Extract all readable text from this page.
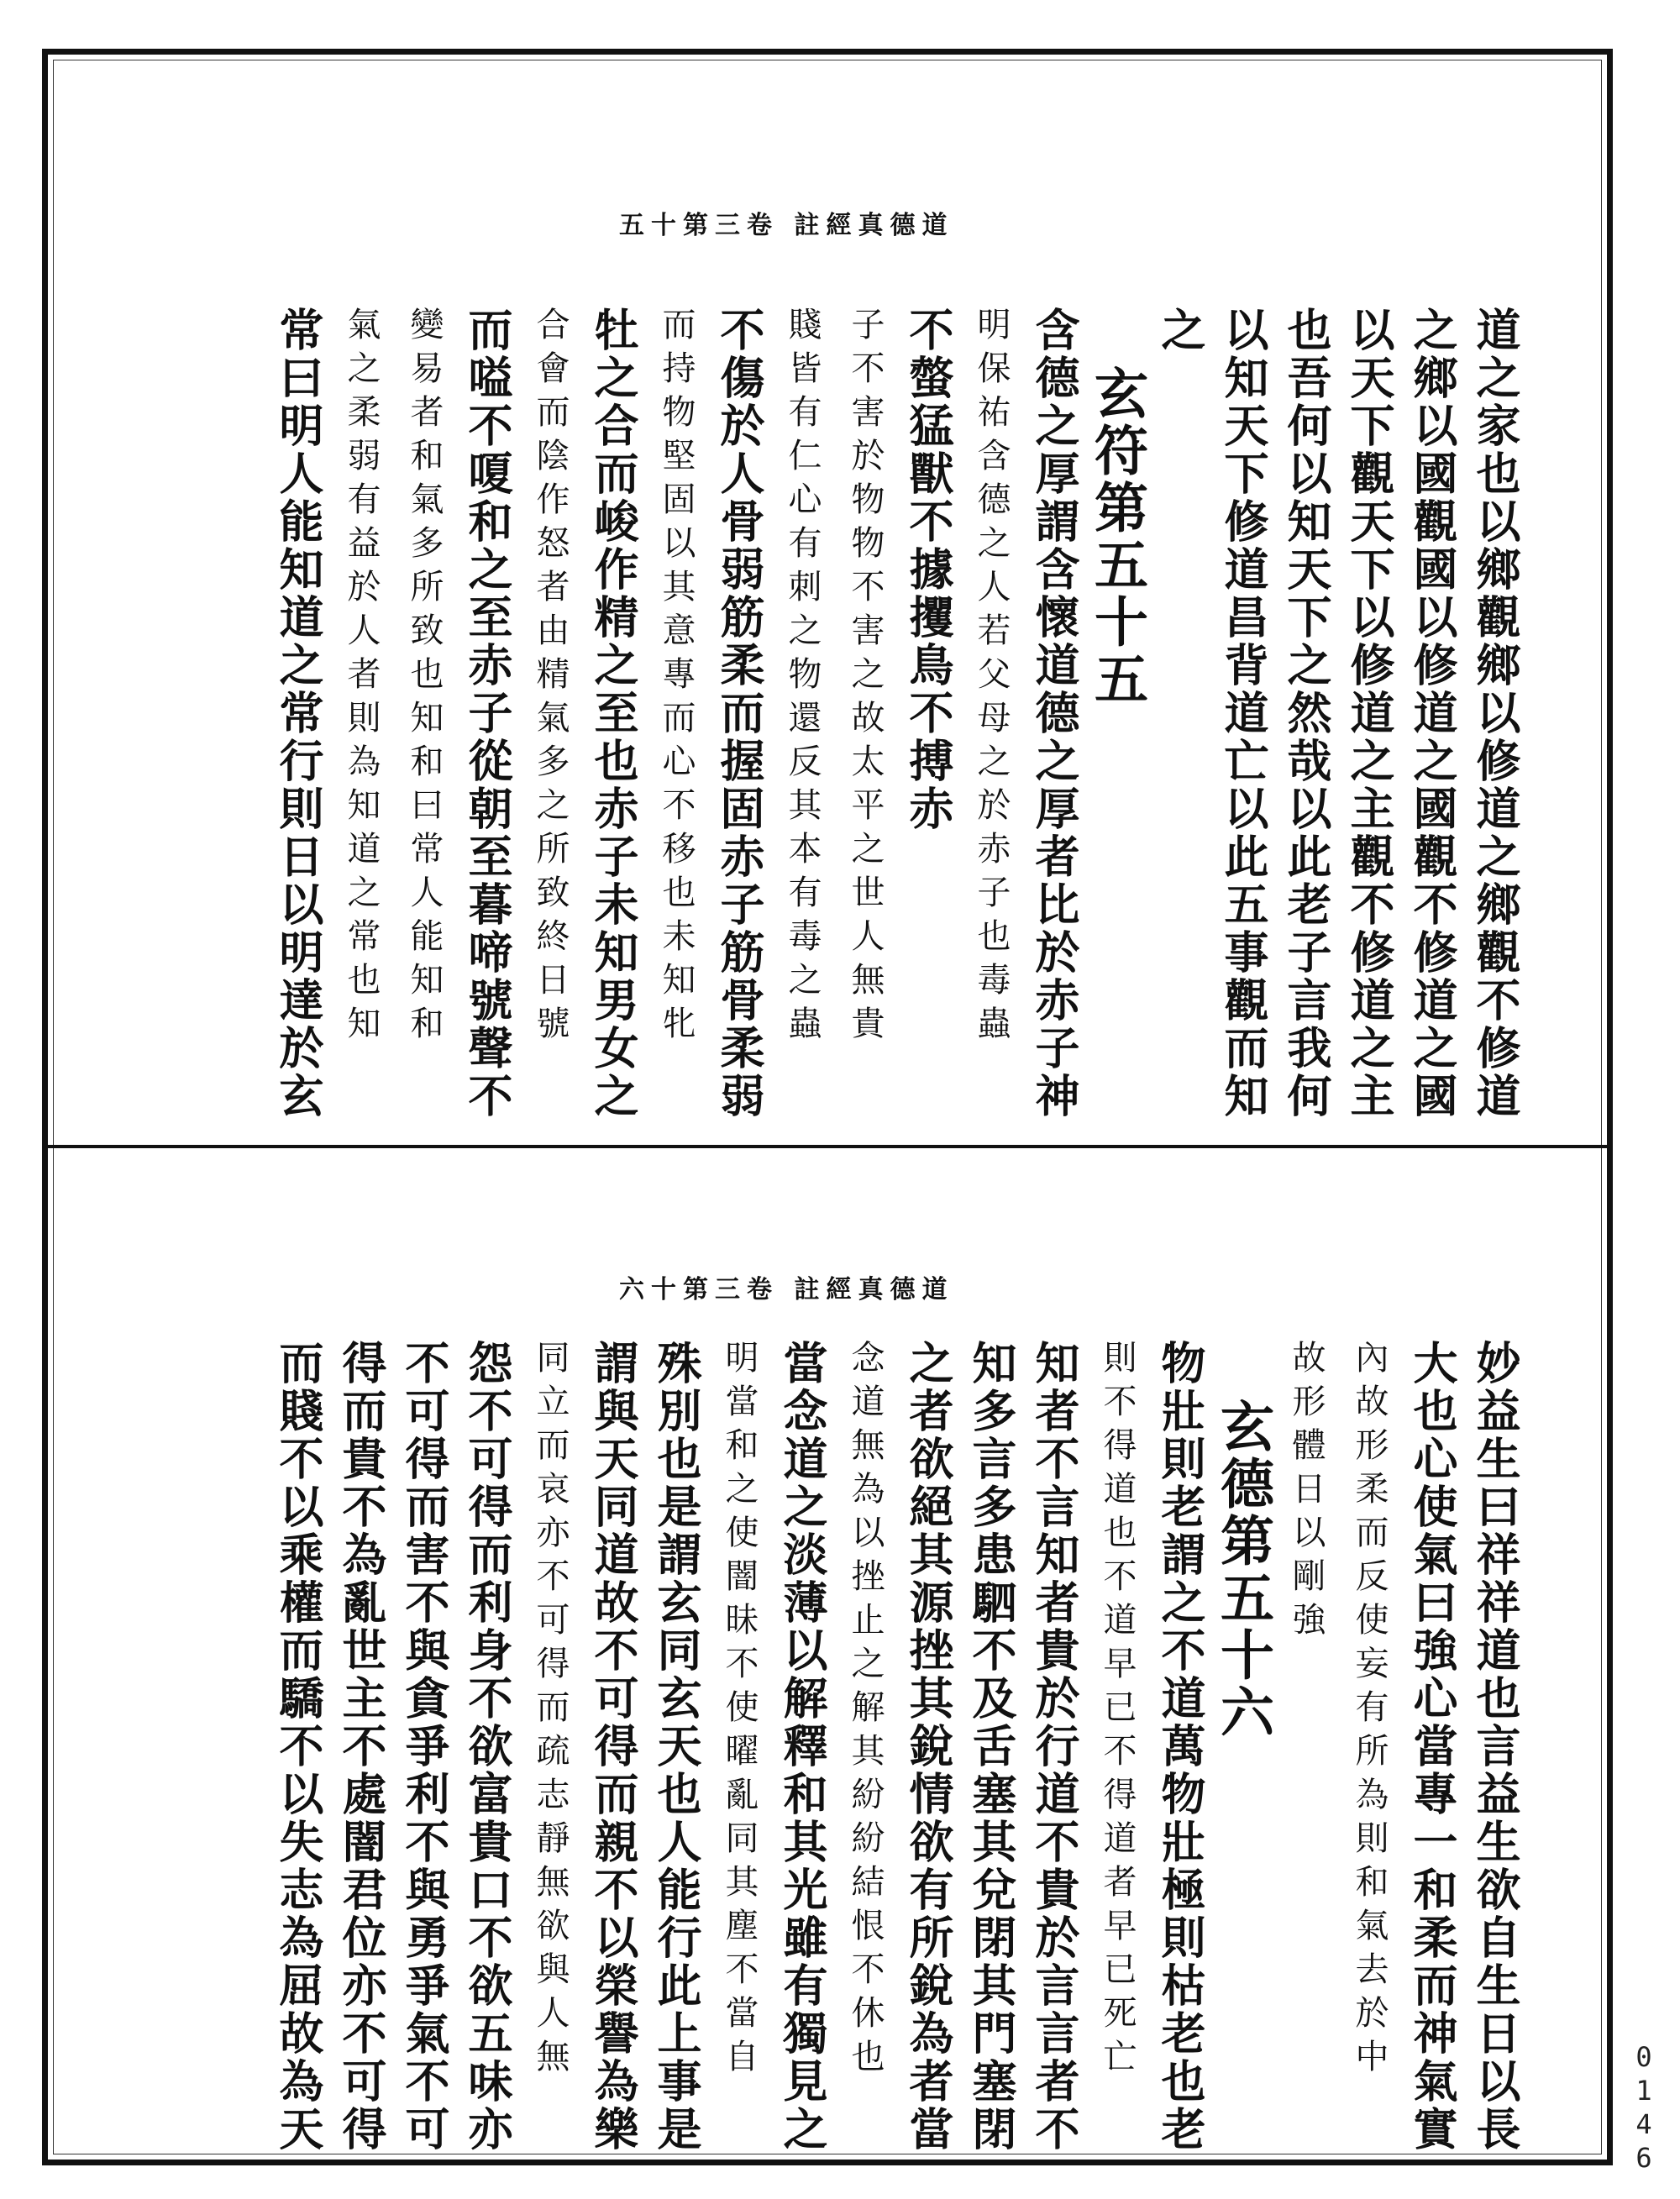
道德真經註 卷三第十五
道之家也以鄉觀鄉以修道之鄉觀不修道
之鄉以國觀國以修道之國觀不修道之國
以天下觀天下以修道之主觀不修道之主
也吾何以知天下之然哉以此老子言我何
以知天下修道昌背道亡以此五事觀而知
之
玄符第五十五
含德之厚謂含懷道德之厚者比於赤子神
明保祐含德之人若父母之於赤子也毒蟲
不螫猛獸不據攫鳥不搏赤
子不害於物物不害之故太平之世人無貴
賤皆有仁心有刺之物還反其本有毒之蟲
不傷於人骨弱筋柔而握固赤子筋骨柔弱
而持物堅固以其意專而心不移也未知牝
牡之合而峻作精之至也赤子未知男女之
合會而陰作怒者由精氣多之所致終日號
而嗌不嗄和之至赤子從朝至暮啼號聲不
變易者和氣多所致也知和曰常人能知和
氣之柔弱有益於人者則為知道之常也知
常曰明人能知道之常行則日以明達於玄
道德真經註 卷三第十六
妙益生曰祥祥道也言益生欲自生日以長
大也心使氣曰強心當專一和柔而神氣實
內故形柔而反使妄有所為則和氣去於中
故形體日以剛強
玄德第五十六
物壯則老謂之不道萬物壯極則枯老也老
則不得道也不道早已不得道者早已死亡
知者不言知者貴於行道不貴於言言者不
知多言多患駟不及舌塞其兌閉其門塞閉
之者欲絕其源挫其銳情欲有所銳為者當
念道無為以挫止之解其紛紛結恨不休也
當念道之淡薄以解釋和其光雖有獨見之
明當和之使闇昧不使曜亂同其塵不當自
殊別也是謂玄同玄天也人能行此上事是
謂與天同道故不可得而親不以榮譽為樂
同立而哀亦不可得而疏志靜無欲與人無
怨不可得而利身不欲富貴口不欲五味亦
不可得而害不與貪爭利不與勇爭氣不可
得而貴不為亂世主不處闇君位亦不可得
而賤不以乘權而驕不以失志為屈故為天	0146
